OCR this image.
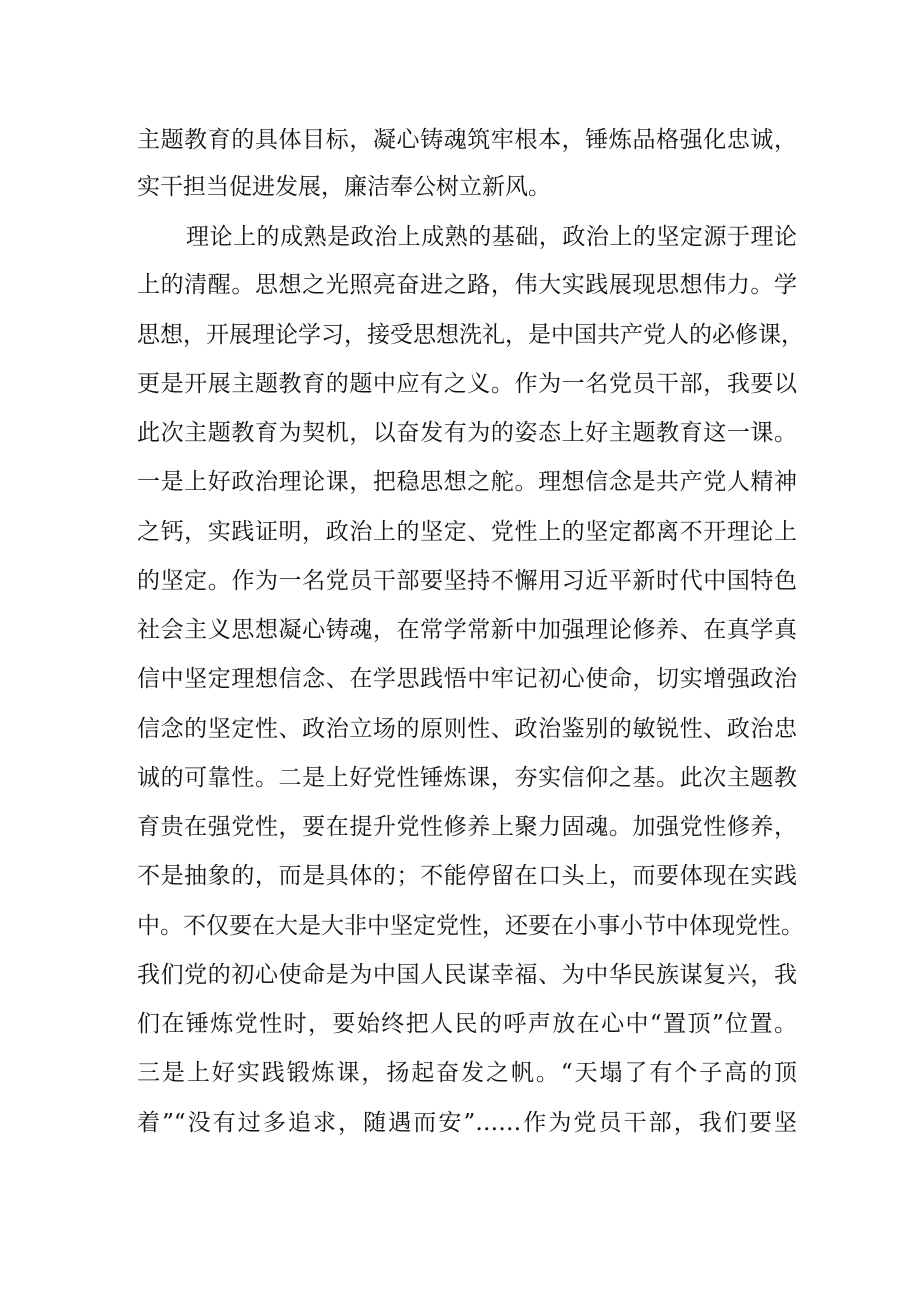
主题教育的具体目标，凝心铸魂筑牢根本，锤炼品格强化忠诚，
实干担当促进发展，廉洁奉公树立新风。
理论上的成熟是政治上成熟的基础，政治上的坚定源于理论
上的清醒。思想之光照亮奋进之路，伟大实践展现思想伟力。学
思想，开展理论学习，接受思想洗礼，是中国共产党人的必修课，
更是开展主题教育的题中应有之义。作为一名党员干部，我要以
此次主题教育为契机，以奋发有为的姿态上好主题教育这一课。
一是上好政治理论课，把稳思想之舵。理想信念是共产党人精神
之钙，实践证明，政治上的坚定、党性上的坚定都离不开理论上
的坚定。作为一名党员干部要坚持不懈用习近平新时代中国特色
社会主义思想凝心铸魂，在常学常新中加强理论修养、在真学真
信中坚定理想信念、在学思践悟中牢记初心使命，切实增强政治
信念的坚定性、政治立场的原则性、政治鉴别的敏锐性、政治忠
诚的可靠性。二是上好党性锤炼课，夯实信仰之基。此次主题教
育贵在强党性，要在提升党性修养上聚力固魂。加强党性修养，
不是抽象的，而是具体的；不能停留在口头上，而要体现在实践
中。不仅要在大是大非中坚定党性，还要在小事小节中体现党性。
我们党的初心使命是为中国人民谋幸福、为中华民族谋复兴，我
们在锤炼党性时，要始终把人民的呼声放在心中“置顶”位置。
三是上好实践锻炼课，扬起奋发之帆。“天塌了有个子高的顶
着”“没有过多追求，随遇而安”……作为党员干部，我们要坚
